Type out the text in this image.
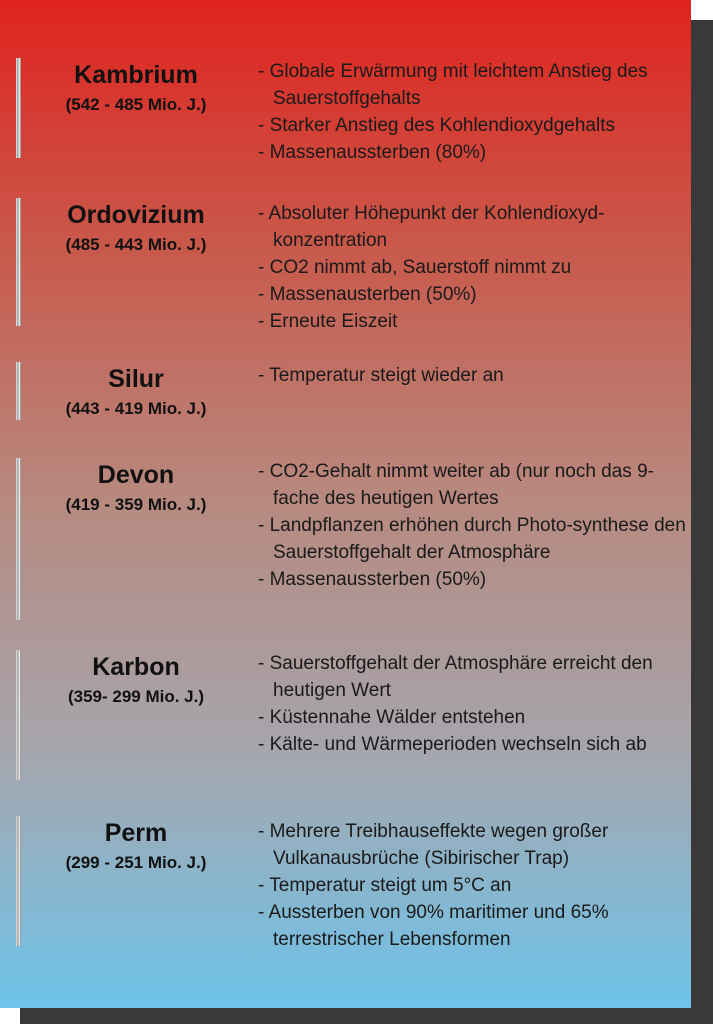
Kambrium
(542 - 485 Mio. J.)
- Globale Erwärmung mit leichtem Anstieg des Sauerstoffgehalts
- Starker Anstieg des Kohlendioxydgehalts
- Massenaussterben (80%)
Ordovizium
(485 - 443 Mio. J.)
- Absoluter Höhepunkt der Kohlendioxyd-konzentration
- CO2 nimmt ab, Sauerstoff nimmt zu
- Massenausterben (50%)
- Erneute Eiszeit
Silur
(443 - 419 Mio. J.)
- Temperatur steigt wieder an
Devon
(419 - 359 Mio. J.)
- CO2-Gehalt nimmt weiter ab (nur noch das 9-fache des heutigen Wertes
- Landpflanzen erhöhen durch Photo-synthese den Sauerstoffgehalt der Atmosphäre
- Massenaussterben (50%)
Karbon
(359- 299 Mio. J.)
- Sauerstoffgehalt der Atmosphäre erreicht den heutigen Wert
- Küstennahe Wälder entstehen
- Kälte- und Wärmeperioden wechseln sich ab
Perm
(299 - 251 Mio. J.)
- Mehrere Treibhauseffekte wegen großer Vulkanausbrüche (Sibirischer Trap)
- Temperatur steigt um 5°C an
- Aussterben von 90% maritimer und 65% terrestrischer Lebensformen
